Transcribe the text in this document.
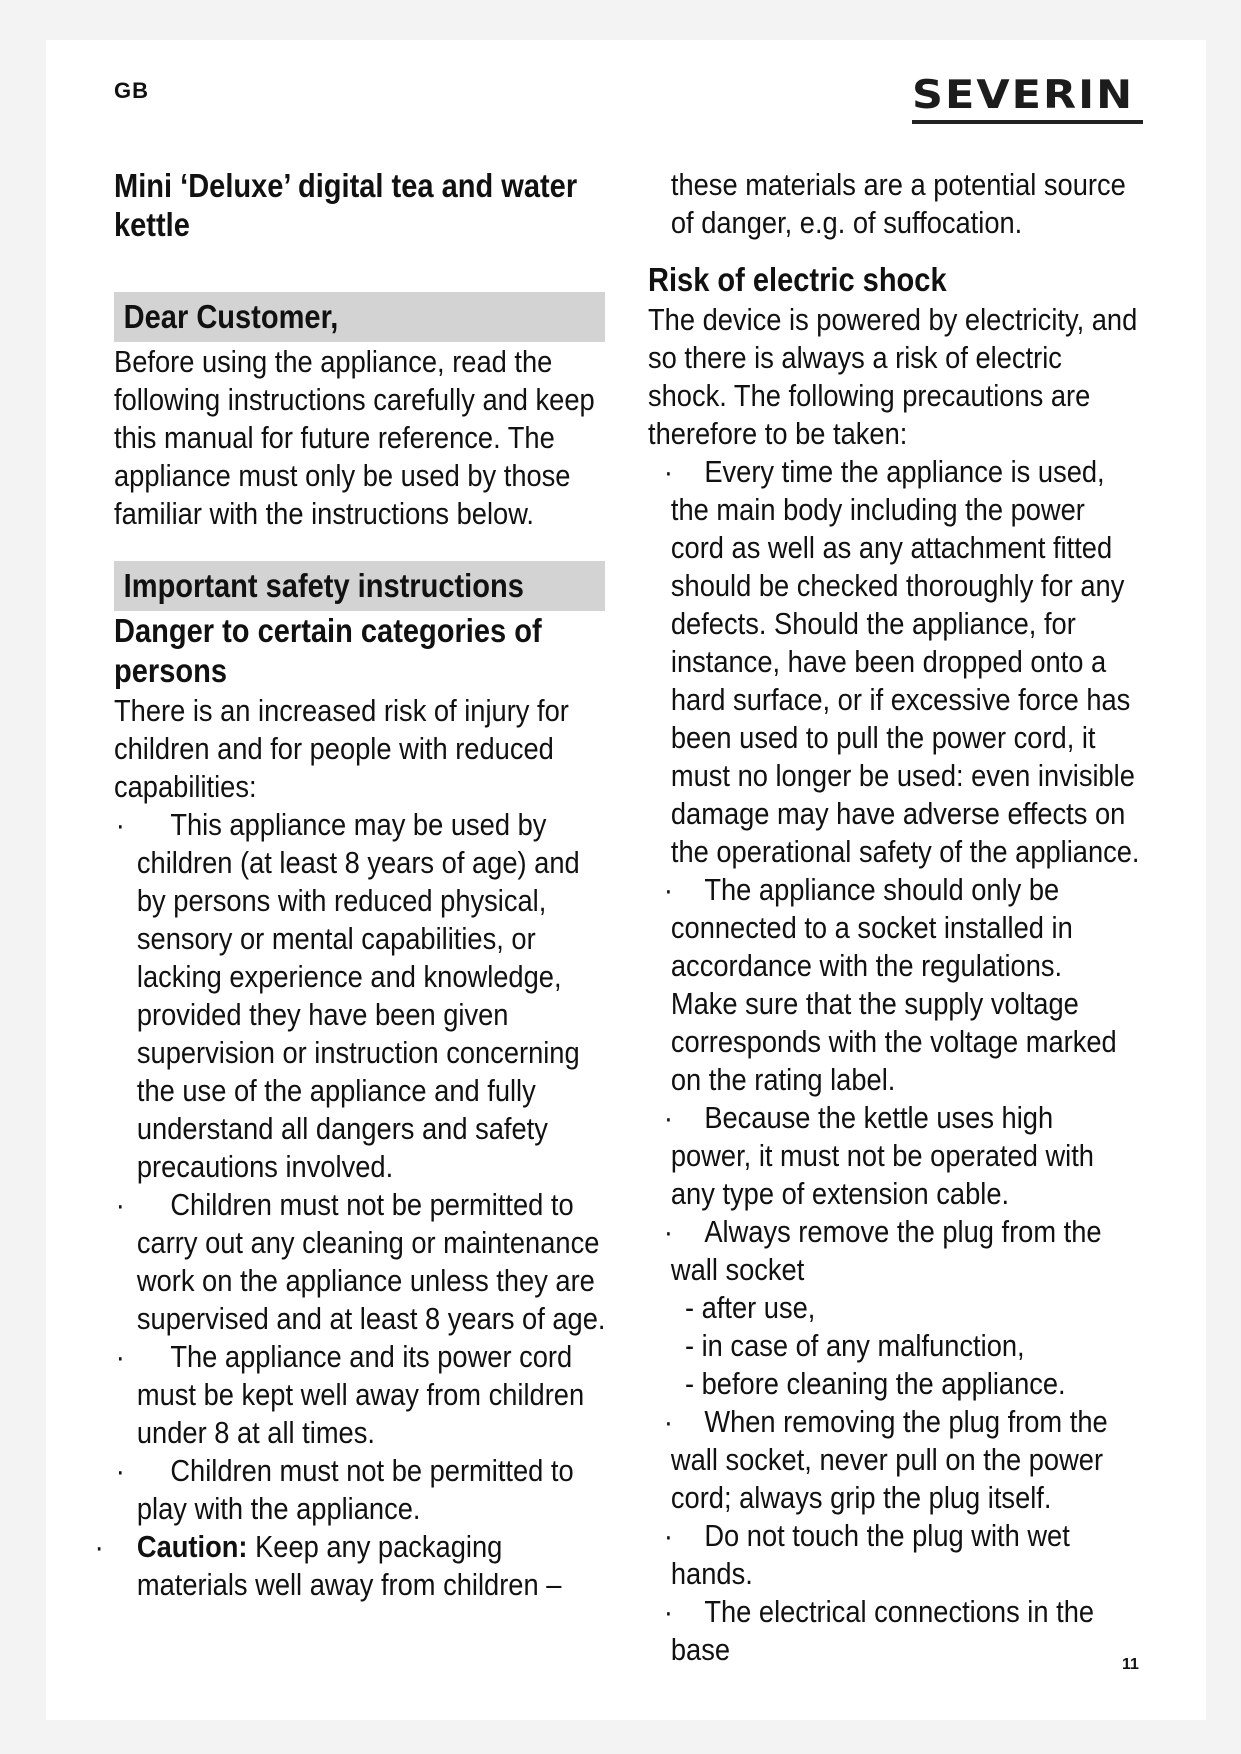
GB	SEVERIN
Mini ‘Deluxe’ digital tea and water kettle
Dear Customer,
Before using the appliance, read the following instructions carefully and keep this manual for future reference. The appliance must only be used by those familiar with the instructions below.
Important safety instructions
Danger to certain categories of persons
There is an increased risk of injury for children and for people with reduced capabilities:
·	This appliance may be used by children (at least 8 years of age) and by persons with reduced physical, sensory or mental capabilities, or lacking experience and knowledge, provided they have been given supervision or instruction concerning the use of the appliance and fully understand all dangers and safety precautions involved.
·	Children must not be permitted to carry out any cleaning or maintenance work on the appliance unless they are supervised and at least 8 years of age.
·	The appliance and its power cord must be kept well away from children under 8 at all times.
·	Children must not be permitted to play with the appliance.
· Caution: Keep any packaging materials well away from children –
these materials are a potential source of danger, e.g. of suffocation.
Risk of electric shock
The device is powered by electricity, and so there is always a risk of electric shock. The following precautions are therefore to be taken:
·	Every time the appliance is used, the main body including the power cord as well as any attachment fitted should be checked thoroughly for any defects. Should the appliance, for instance, have been dropped onto a hard surface, or if excessive force has been used to pull the power cord, it must no longer be used: even invisible damage may have adverse effects on the operational safety of the appliance.
·	The appliance should only be connected to a socket installed in accordance with the regulations.
Make sure that the supply voltage corresponds with the voltage marked on the rating label.
·	Because the kettle uses high power, it must not be operated with any type of extension cable.
·	Always remove the plug from the wall socket
- after use,
- in case of any malfunction,
- before cleaning the appliance.
·	When removing the plug from the wall socket, never pull on the power cord; always grip the plug itself.
·	Do not touch the plug with wet hands.
·	The electrical connections in the base	11
